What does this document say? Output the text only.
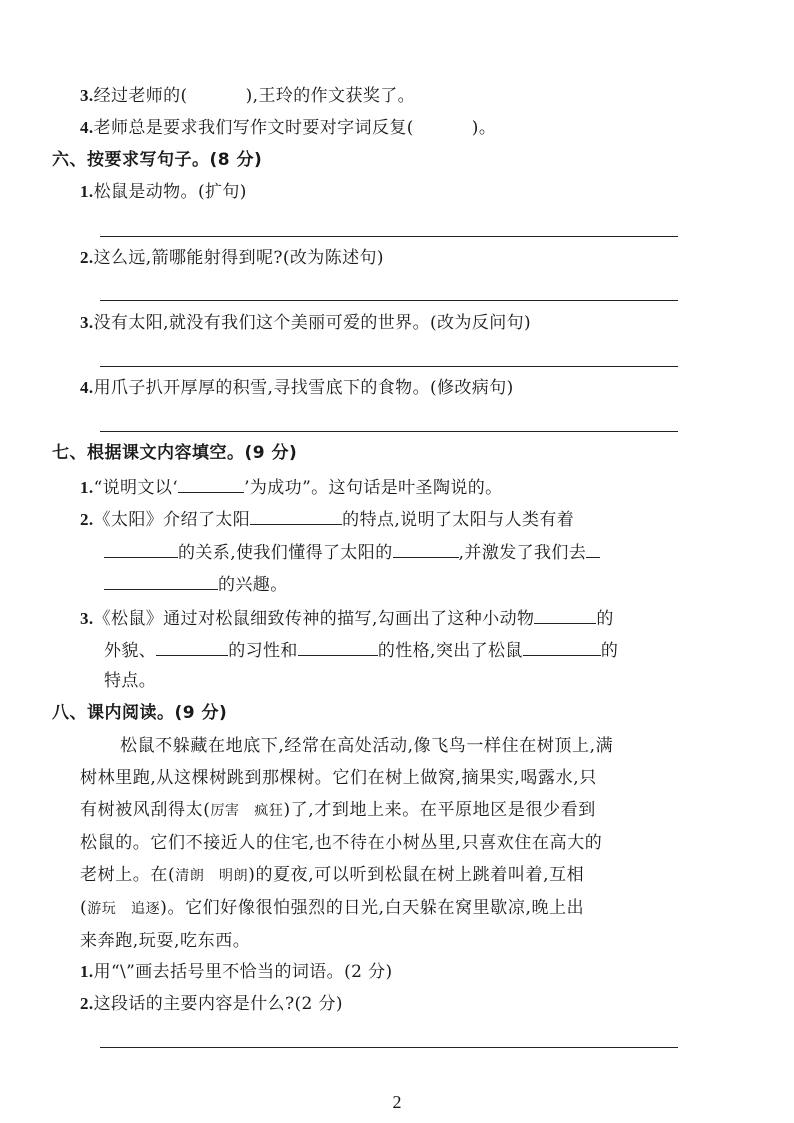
3.经过老师的(	),王玲的作文获奖了。
4.老师总是要求我们写作文时要对字词反复(	)。
六、按要求写句子。(8 分)
1.松鼠是动物。(扩句)
2.这么远,箭哪能射得到呢?(改为陈述句)
3.没有太阳,就没有我们这个美丽可爱的世界。(改为反问句)
4.用爪子扒开厚厚的积雪,寻找雪底下的食物。(修改病句)
七、根据课文内容填空。(9 分)
1.“说明文以‘	’为成功”。这句话是叶圣陶说的。
2.《太阳》介绍了太阳	的特点,说明了太阳与人类有着
的关系,使我们懂得了太阳的	,并激发了我们去
的兴趣。
3.《松鼠》通过对松鼠细致传神的描写,勾画出了这种小动物	的
外貌、	的习性和	的性格,突出了松鼠	的
特点。
八、课内阅读。(9 分)
松鼠不躲藏在地底下,经常在高处活动,像飞鸟一样住在树顶上,满
树林里跑,从这棵树跳到那棵树。它们在树上做窝,摘果实,喝露水,只
有树被风刮得太(厉害　疯狂)了,才到地上来。在平原地区是很少看到
松鼠的。它们不接近人的住宅,也不待在小树丛里,只喜欢住在高大的
老树上。在(清朗　明朗)的夏夜,可以听到松鼠在树上跳着叫着,互相
(游玩　追逐)。它们好像很怕强烈的日光,白天躲在窝里歇凉,晚上出
来奔跑,玩耍,吃东西。
1.用“\”画去括号里不恰当的词语。(2 分)
2.这段话的主要内容是什么?(2 分)
2
